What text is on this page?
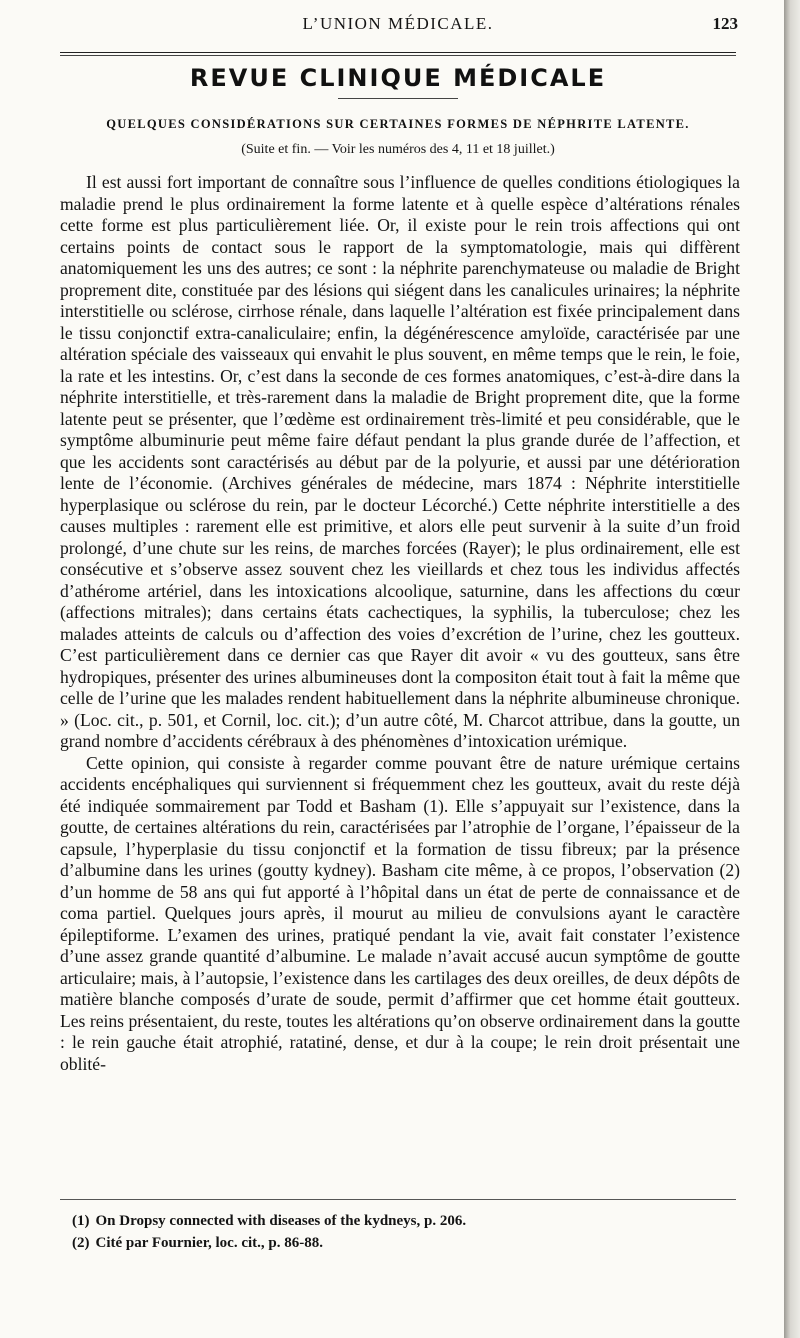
L’UNION MÉDICALE.	123
REVUE CLINIQUE MÉDICALE
QUELQUES CONSIDÉRATIONS SUR CERTAINES FORMES DE NÉPHRITE LATENTE.
(Suite et fin. — Voir les numéros des 4, 11 et 18 juillet.)

Il est aussi fort important de connaître sous l’influence de quelles conditions étiologiques la maladie prend le plus ordinairement la forme latente et à quelle espèce d’altérations rénales cette forme est plus particulièrement liée. Or, il existe pour le rein trois affections qui ont certains points de contact sous le rapport de la symptomatologie, mais qui diffèrent anatomiquement les uns des autres; ce sont : la néphrite parenchymateuse ou maladie de Bright proprement dite, constituée par des lésions qui siégent dans les canalicules urinaires; la néphrite interstitielle ou sclérose, cirrhose rénale, dans laquelle l’altération est fixée principalement dans le tissu conjonctif extra-canaliculaire; enfin, la dégénérescence amyloïde, caractérisée par une altération spéciale des vaisseaux qui envahit le plus souvent, en même temps que le rein, le foie, la rate et les intestins. Or, c’est dans la seconde de ces formes anatomiques, c’est-à-dire dans la néphrite interstitielle, et très-rarement dans la maladie de Bright proprement dite, que la forme latente peut se présenter, que l’œdème est ordinairement très-limité et peu considérable, que le symptôme albuminurie peut même faire défaut pendant la plus grande durée de l’affection, et que les accidents sont caractérisés au début par de la polyurie, et aussi par une détérioration lente de l’économie. (Archives générales de médecine, mars 1874 : Néphrite interstitielle hyperplasique ou sclérose du rein, par le docteur Lécorché.) Cette néphrite interstitielle a des causes multiples : rarement elle est primitive, et alors elle peut survenir à la suite d’un froid prolongé, d’une chute sur les reins, de marches forcées (Rayer); le plus ordinairement, elle est consécutive et s’observe assez souvent chez les vieillards et chez tous les individus affectés d’athérome artériel, dans les intoxications alcoolique, saturnine, dans les affections du cœur (affections mitrales); dans certains états cachectiques, la syphilis, la tuberculose; chez les malades atteints de calculs ou d’affection des voies d’excrétion de l’urine, chez les goutteux. C’est particulièrement dans ce dernier cas que Rayer dit avoir « vu des goutteux, sans être hydropiques, présenter des urines albumineuses dont la compositon était tout à fait la même que celle de l’urine que les malades rendent habituellement dans la néphrite albumineuse chronique. » (Loc. cit., p. 501, et Cornil, loc. cit.); d’un autre côté, M. Charcot attribue, dans la goutte, un grand nombre d’accidents cérébraux à des phénomènes d’intoxication urémique.

Cette opinion, qui consiste à regarder comme pouvant être de nature urémique certains accidents encéphaliques qui surviennent si fréquemment chez les goutteux, avait du reste déjà été indiquée sommairement par Todd et Basham (1). Elle s’appuyait sur l’existence, dans la goutte, de certaines altérations du rein, caractérisées par l’atrophie de l’organe, l’épaisseur de la capsule, l’hyperplasie du tissu conjonctif et la formation de tissu fibreux; par la présence d’albumine dans les urines (goutty kydney). Basham cite même, à ce propos, l’observation (2) d’un homme de 58 ans qui fut apporté à l’hôpital dans un état de perte de connaissance et de coma partiel. Quelques jours après, il mourut au milieu de convulsions ayant le caractère épileptiforme. L’examen des urines, pratiqué pendant la vie, avait fait constater l’existence d’une assez grande quantité d’albumine. Le malade n’avait accusé aucun symptôme de goutte articulaire; mais, à l’autopsie, l’existence dans les cartilages des deux oreilles, de deux dépôts de matière blanche composés d’urate de soude, permit d’affirmer que cet homme était goutteux. Les reins présentaient, du reste, toutes les altérations qu’on observe ordinairement dans la goutte : le rein gauche était atrophié, ratatiné, dense, et dur à la coupe; le rein droit présentait une oblité-

(1) On Dropsy connected with diseases of the kydneys, p. 206.
(2) Cité par Fournier, loc. cit., p. 86-88.
